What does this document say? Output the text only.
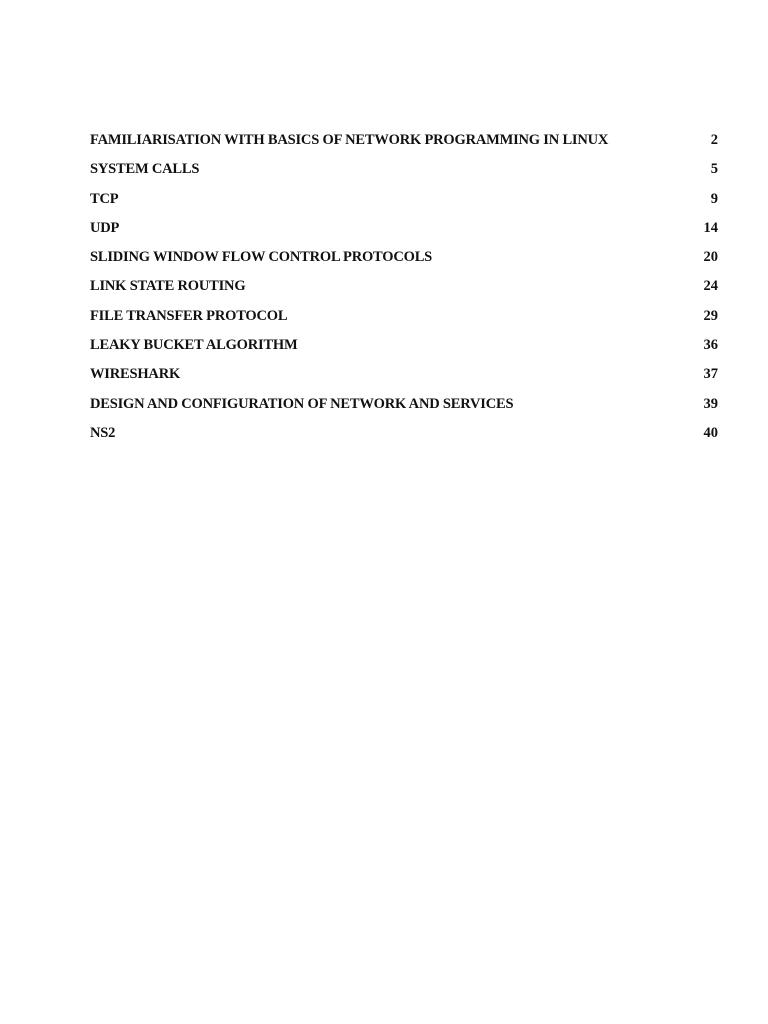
FAMILIARISATION WITH BASICS OF NETWORK PROGRAMMING IN LINUX	2
SYSTEM CALLS	5
TCP	9
UDP	14
SLIDING WINDOW FLOW CONTROL PROTOCOLS	20
LINK STATE ROUTING	24
FILE TRANSFER PROTOCOL	29
LEAKY BUCKET ALGORITHM	36
WIRESHARK	37
DESIGN AND CONFIGURATION OF NETWORK AND SERVICES	39
NS2	40
